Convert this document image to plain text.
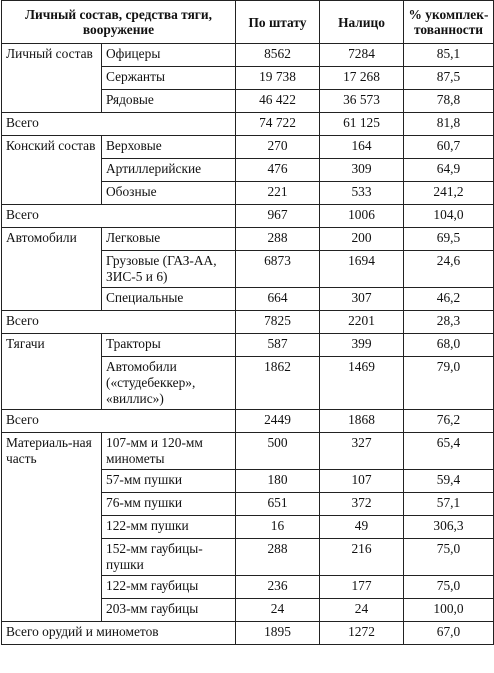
Личный состав, средства тяги, вооружение		По штату	Налицо	% укомплек-тованности
Личный состав	Офицеры	8562	7284	85,1
	Сержанты	19 738	17 268	87,5
	Рядовые	46 422	36 573	78,8
Всего		74 722	61 125	81,8
Конский состав	Верховые	270	164	60,7
	Артиллерийские	476	309	64,9
	Обозные	221	533	241,2
Всего		967	1006	104,0
Автомобили	Легковые	288	200	69,5
	Грузовые (ГАЗ-АА, ЗИС-5 и 6)	6873	1694	24,6
	Специальные	664	307	46,2
Всего		7825	2201	28,3
Тягачи	Тракторы	587	399	68,0
	Автомобили («студебеккер», «виллис»)	1862	1469	79,0
Всего		2449	1868	76,2
Материаль-ная часть	107-мм и 120-мм минометы	500	327	65,4
	57-мм пушки	180	107	59,4
	76-мм пушки	651	372	57,1
	122-мм пушки	16	49	306,3
	152-мм гаубицы-пушки	288	216	75,0
	122-мм гаубицы	236	177	75,0
	203-мм гаубицы	24	24	100,0
Всего орудий и минометов		1895	1272	67,0
